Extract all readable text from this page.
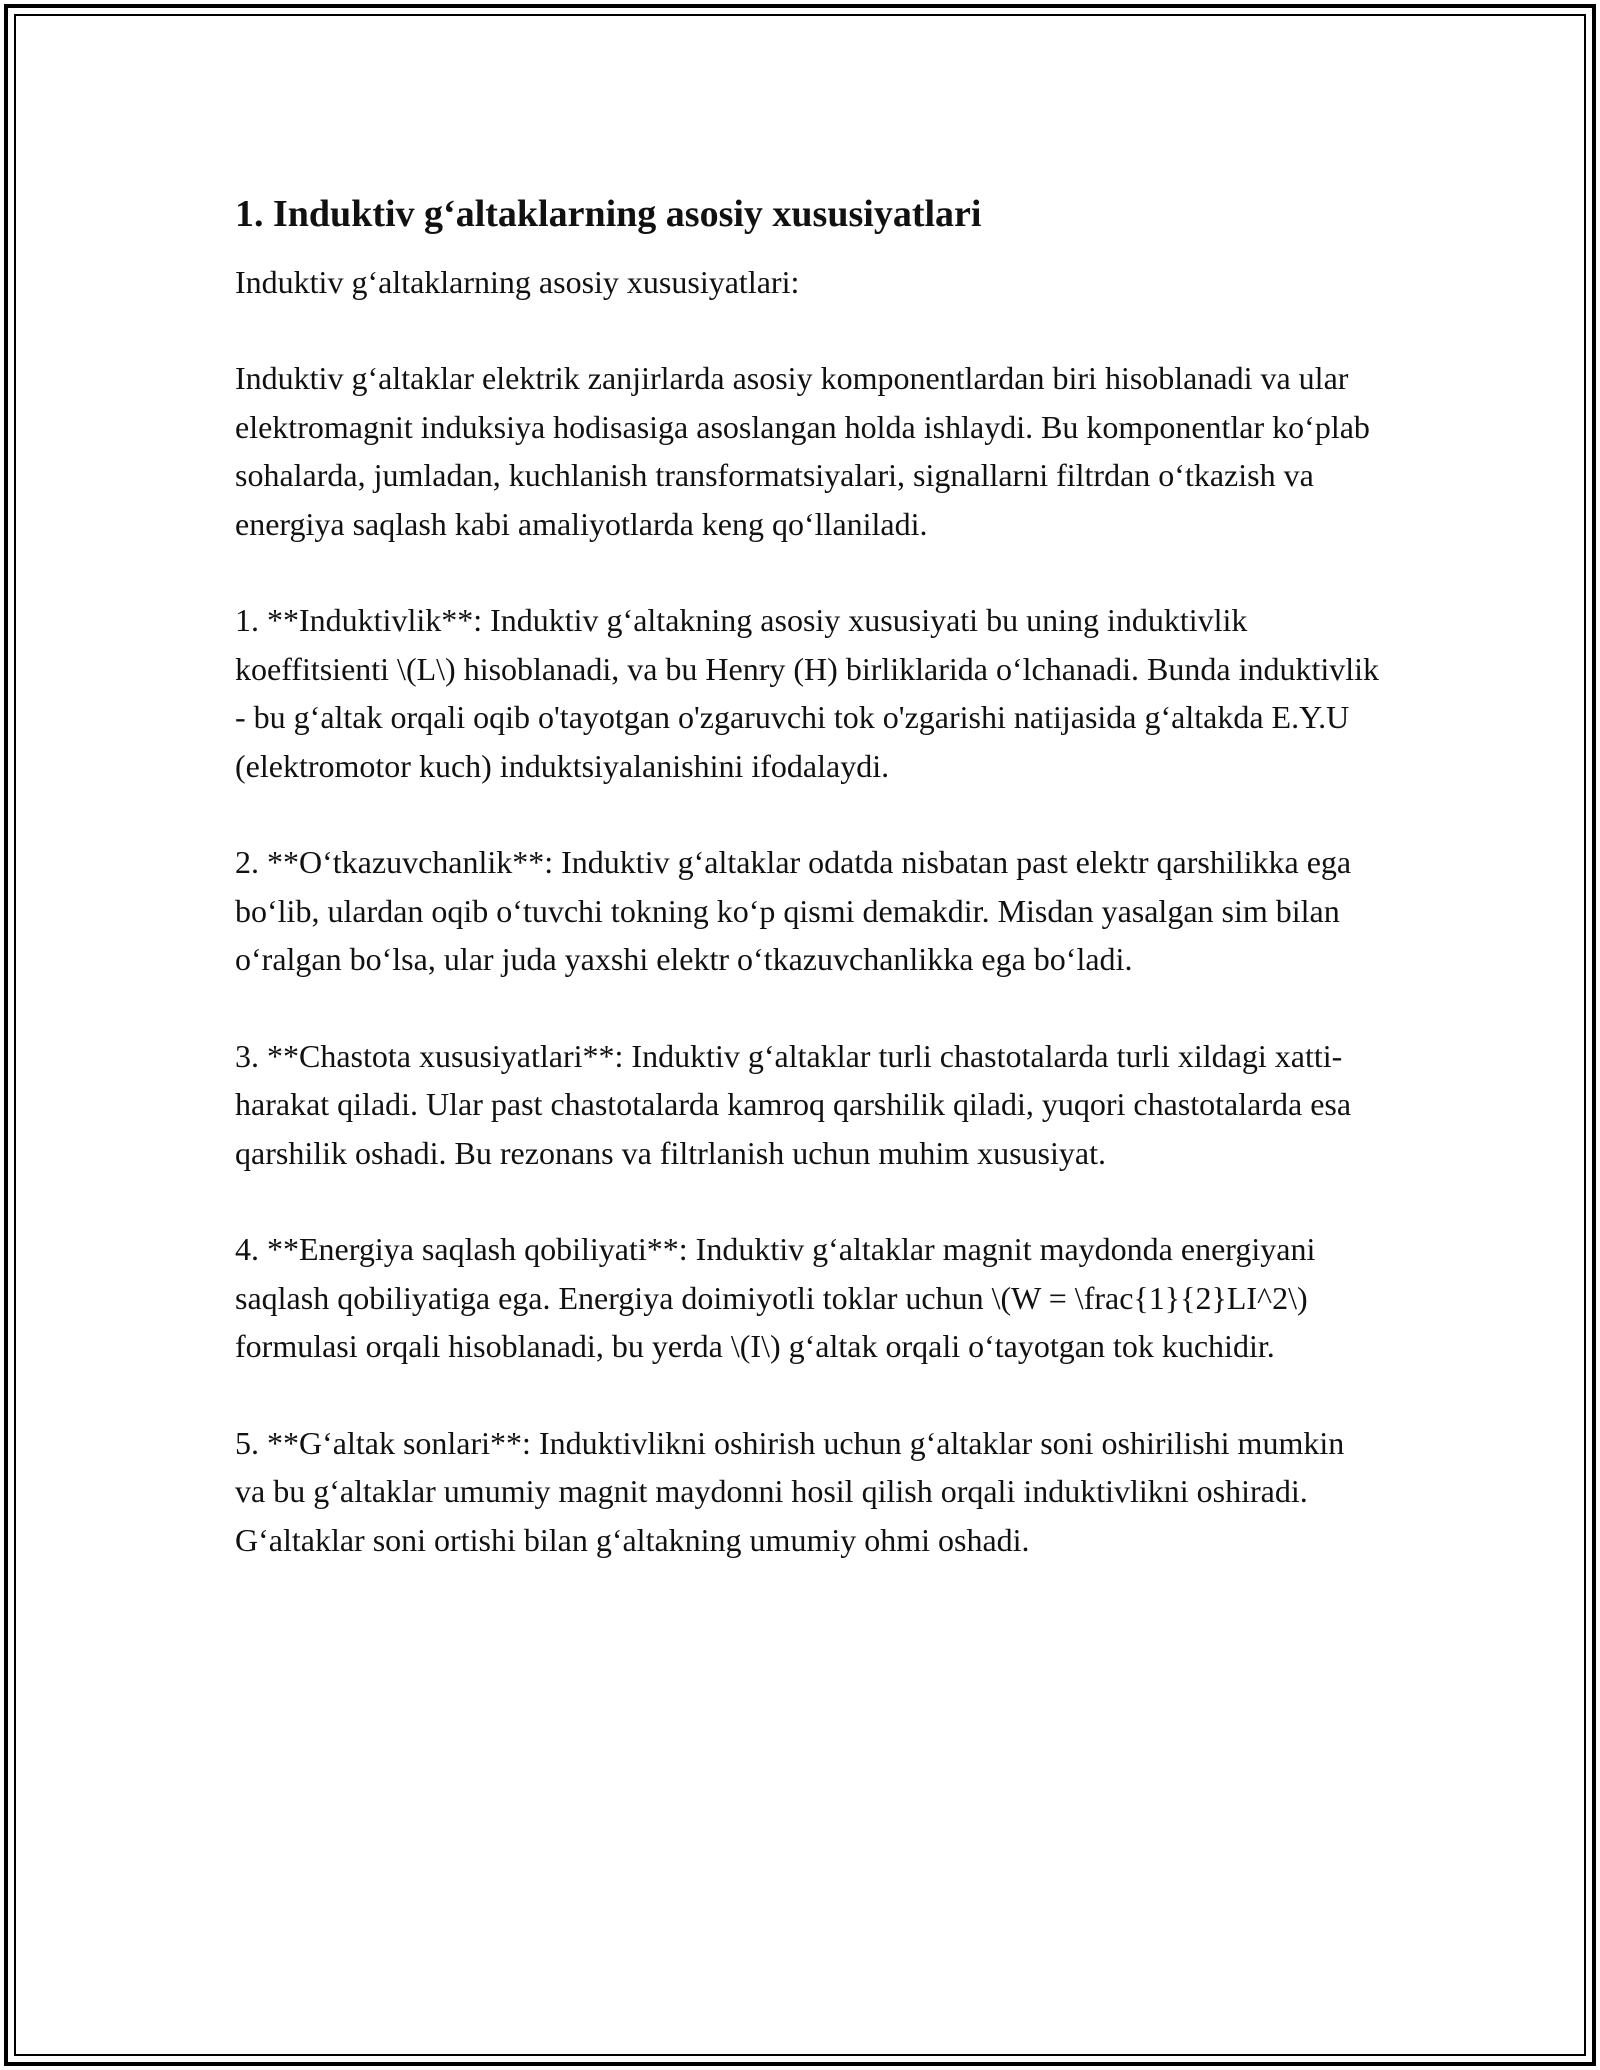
1. Induktiv g‘altaklarning asosiy xususiyatlari

Induktiv g‘altaklarning asosiy xususiyatlari:

Induktiv g‘altaklar elektrik zanjirlarda asosiy komponentlardan biri hisoblanadi va ular elektromagnit induksiya hodisasiga asoslangan holda ishlaydi. Bu komponentlar ko‘plab sohalarda, jumladan, kuchlanish transformatsiyalari, signallarni filtrdan o‘tkazish va energiya saqlash kabi amaliyotlarda keng qo‘llaniladi.

1. **Induktivlik**: Induktiv g‘altakning asosiy xususiyati bu uning induktivlik koeffitsienti \(L\) hisoblanadi, va bu Henry (H) birliklarida o‘lchanadi. Bunda induktivlik - bu g‘altak orqali oqib o'tayotgan o'zgaruvchi tok o'zgarishi natijasida g‘altakda E.Y.U (elektromotor kuch) induktsiyalanishini ifodalaydi.

2. **O‘tkazuvchanlik**: Induktiv g‘altaklar odatda nisbatan past elektr qarshilikka ega bo‘lib, ulardan oqib o‘tuvchi tokning ko‘p qismi demakdir. Misdan yasalgan sim bilan o‘ralgan bo‘lsa, ular juda yaxshi elektr o‘tkazuvchanlikka ega bo‘ladi.

3. **Chastota xususiyatlari**: Induktiv g‘altaklar turli chastotalarda turli xildagi xatti-harakat qiladi. Ular past chastotalarda kamroq qarshilik qiladi, yuqori chastotalarda esa qarshilik oshadi. Bu rezonans va filtrlanish uchun muhim xususiyat.

4. **Energiya saqlash qobiliyati**: Induktiv g‘altaklar magnit maydonda energiyani saqlash qobiliyatiga ega. Energiya doimiyotli toklar uchun \(W = \frac{1}{2}LI^2\) formulasi orqali hisoblanadi, bu yerda \(I\) g‘altak orqali o‘tayotgan tok kuchidir.

5. **G‘altak sonlari**: Induktivlikni oshirish uchun g‘altaklar soni oshirilishi mumkin va bu g‘altaklar umumiy magnit maydonni hosil qilish orqali induktivlikni oshiradi. G‘altaklar soni ortishi bilan g‘altakning umumiy ohmi oshadi.
